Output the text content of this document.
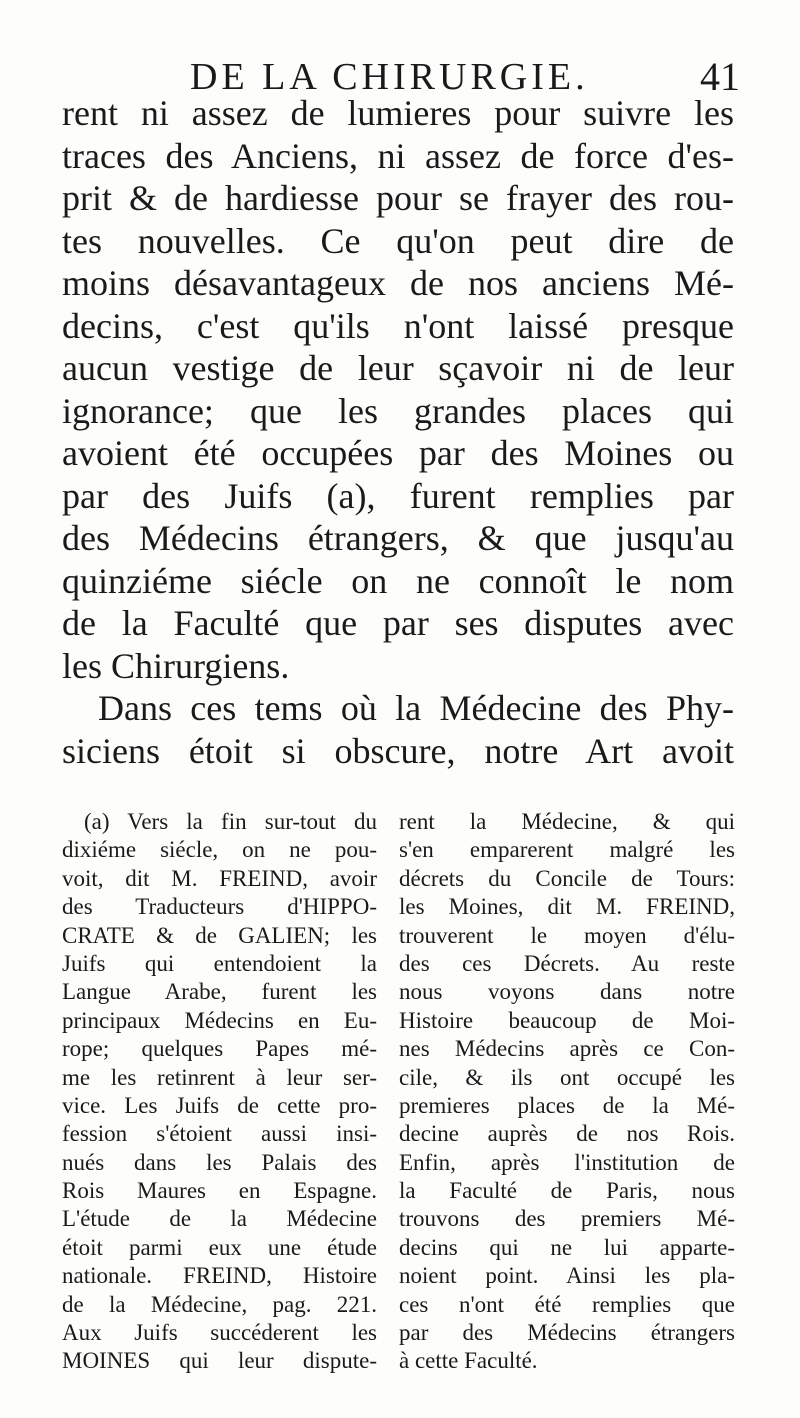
DE LA CHIRURGIE.	41
rent ni assez de lumieres pour suivre les
traces des Anciens, ni assez de force d'es-
prit & de hardiesse pour se frayer des rou-
tes nouvelles. Ce qu'on peut dire de
moins désavantageux de nos anciens Mé-
decins, c'est qu'ils n'ont laissé presque
aucun vestige de leur sçavoir ni de leur
ignorance; que les grandes places qui
avoient été occupées par des Moines ou
par des Juifs (a), furent remplies par
des Médecins étrangers, & que jusqu'au
quinziéme siécle on ne connoît le nom
de la Faculté que par ses disputes avec
les Chirurgiens.
Dans ces tems où la Médecine des Phy-
siciens étoit si obscure, notre Art avoit
(a) Vers la fin sur-tout du
dixiéme siécle, on ne pou-
voit, dit M. FREIND, avoir
des Traducteurs d'HIPPO-
CRATE & de GALIEN; les
Juifs qui entendoient la
Langue Arabe, furent les
principaux Médecins en Eu-
rope; quelques Papes mé-
me les retinrent à leur ser-
vice. Les Juifs de cette pro-
fession s'étoient aussi insi-
nués dans les Palais des
Rois Maures en Espagne.
L'étude de la Médecine
étoit parmi eux une étude
nationale. FREIND, Histoire
de la Médecine, pag. 221.
Aux Juifs succéderent les
MOINES qui leur dispute-
rent la Médecine, & qui
s'en emparerent malgré les
décrets du Concile de Tours:
les Moines, dit M. FREIND,
trouverent le moyen d'élu-
des ces Décrets. Au reste
nous voyons dans notre
Histoire beaucoup de Moi-
nes Médecins après ce Con-
cile, & ils ont occupé les
premieres places de la Mé-
decine auprès de nos Rois.
Enfin, après l'institution de
la Faculté de Paris, nous
trouvons des premiers Mé-
decins qui ne lui apparte-
noient point. Ainsi les pla-
ces n'ont été remplies que
par des Médecins étrangers
à cette Faculté.
